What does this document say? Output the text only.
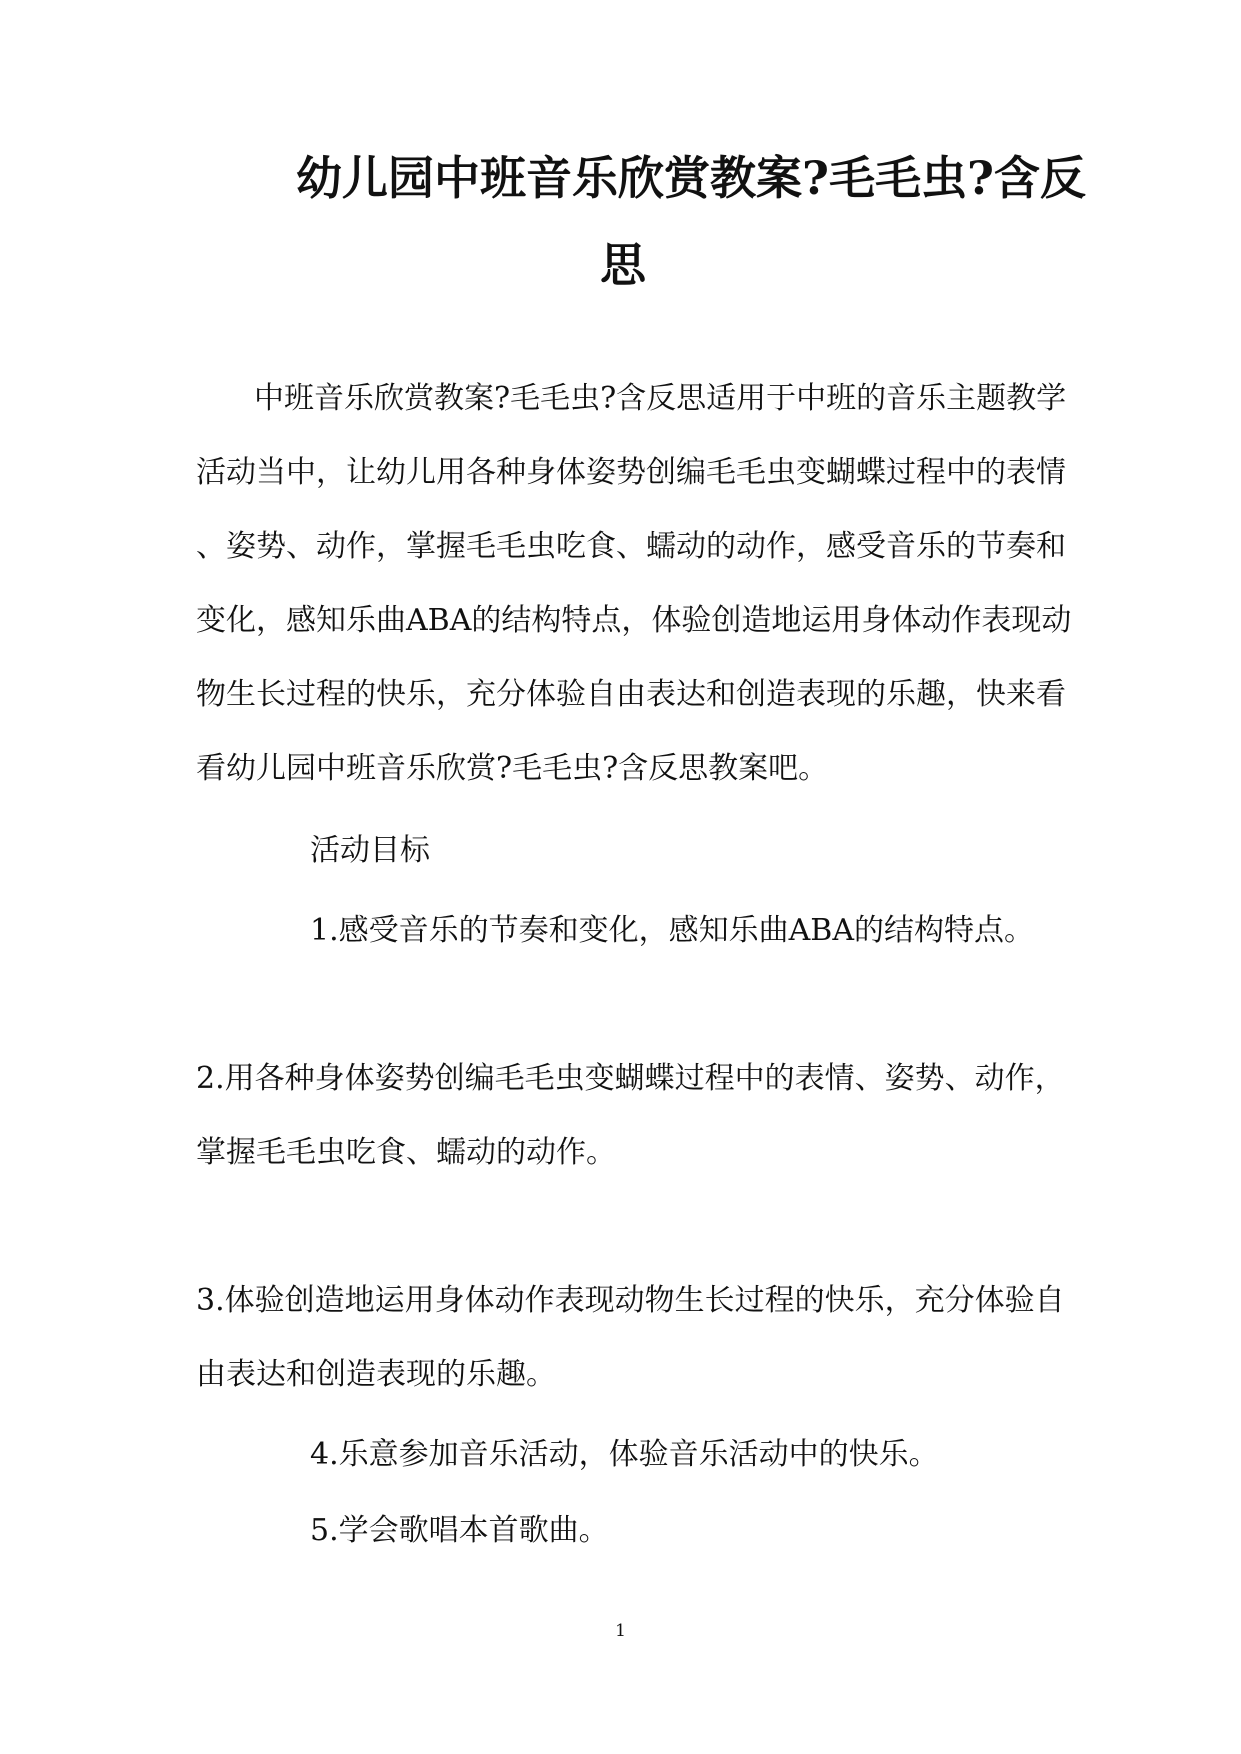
幼儿园中班音乐欣赏教案?毛毛虫?含反
思
中班音乐欣赏教案?毛毛虫?含反思适用于中班的音乐主题教学
活动当中，让幼儿用各种身体姿势创编毛毛虫变蝴蝶过程中的表情
、姿势、动作，掌握毛毛虫吃食、蠕动的动作，感受音乐的节奏和
变化，感知乐曲ABA的结构特点，体验创造地运用身体动作表现动
物生长过程的快乐，充分体验自由表达和创造表现的乐趣，快来看
看幼儿园中班音乐欣赏?毛毛虫?含反思教案吧。
活动目标
1.感受音乐的节奏和变化，感知乐曲ABA的结构特点。
2.用各种身体姿势创编毛毛虫变蝴蝶过程中的表情、姿势、动作，
掌握毛毛虫吃食、蠕动的动作。
3.体验创造地运用身体动作表现动物生长过程的快乐，充分体验自
由表达和创造表现的乐趣。
4.乐意参加音乐活动，体验音乐活动中的快乐。
5.学会歌唱本首歌曲。
1
